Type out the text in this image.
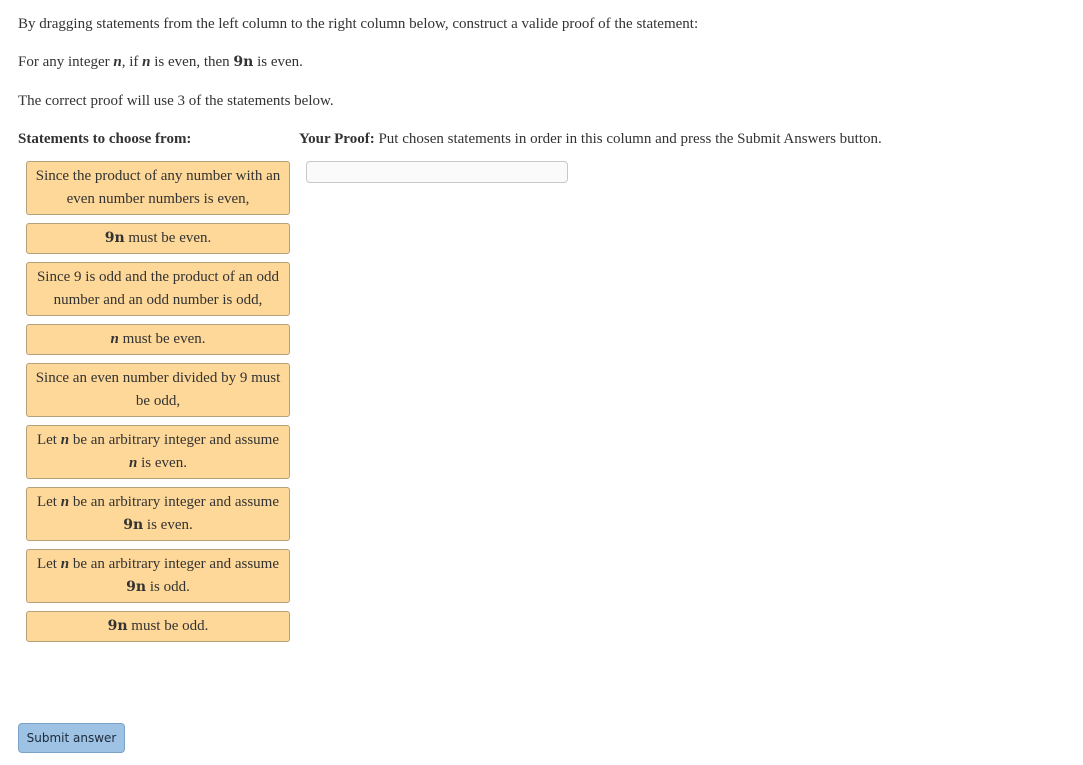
By dragging statements from the left column to the right column below, construct a valide proof of the statement:

For any integer n, if n is even, then 9n is even.

The correct proof will use 3 of the statements below.

Statements to choose from:	Your Proof: Put chosen statements in order in this column and press the Submit Answers button.

Since the product of any number with an even number numbers is even,
9n must be even.
Since 9 is odd and the product of an odd number and an odd number is odd,
n must be even.
Since an even number divided by 9 must be odd,
Let n be an arbitrary integer and assume n is even.
Let n be an arbitrary integer and assume 9n is even.
Let n be an arbitrary integer and assume 9n is odd.
9n must be odd.
Submit answer
